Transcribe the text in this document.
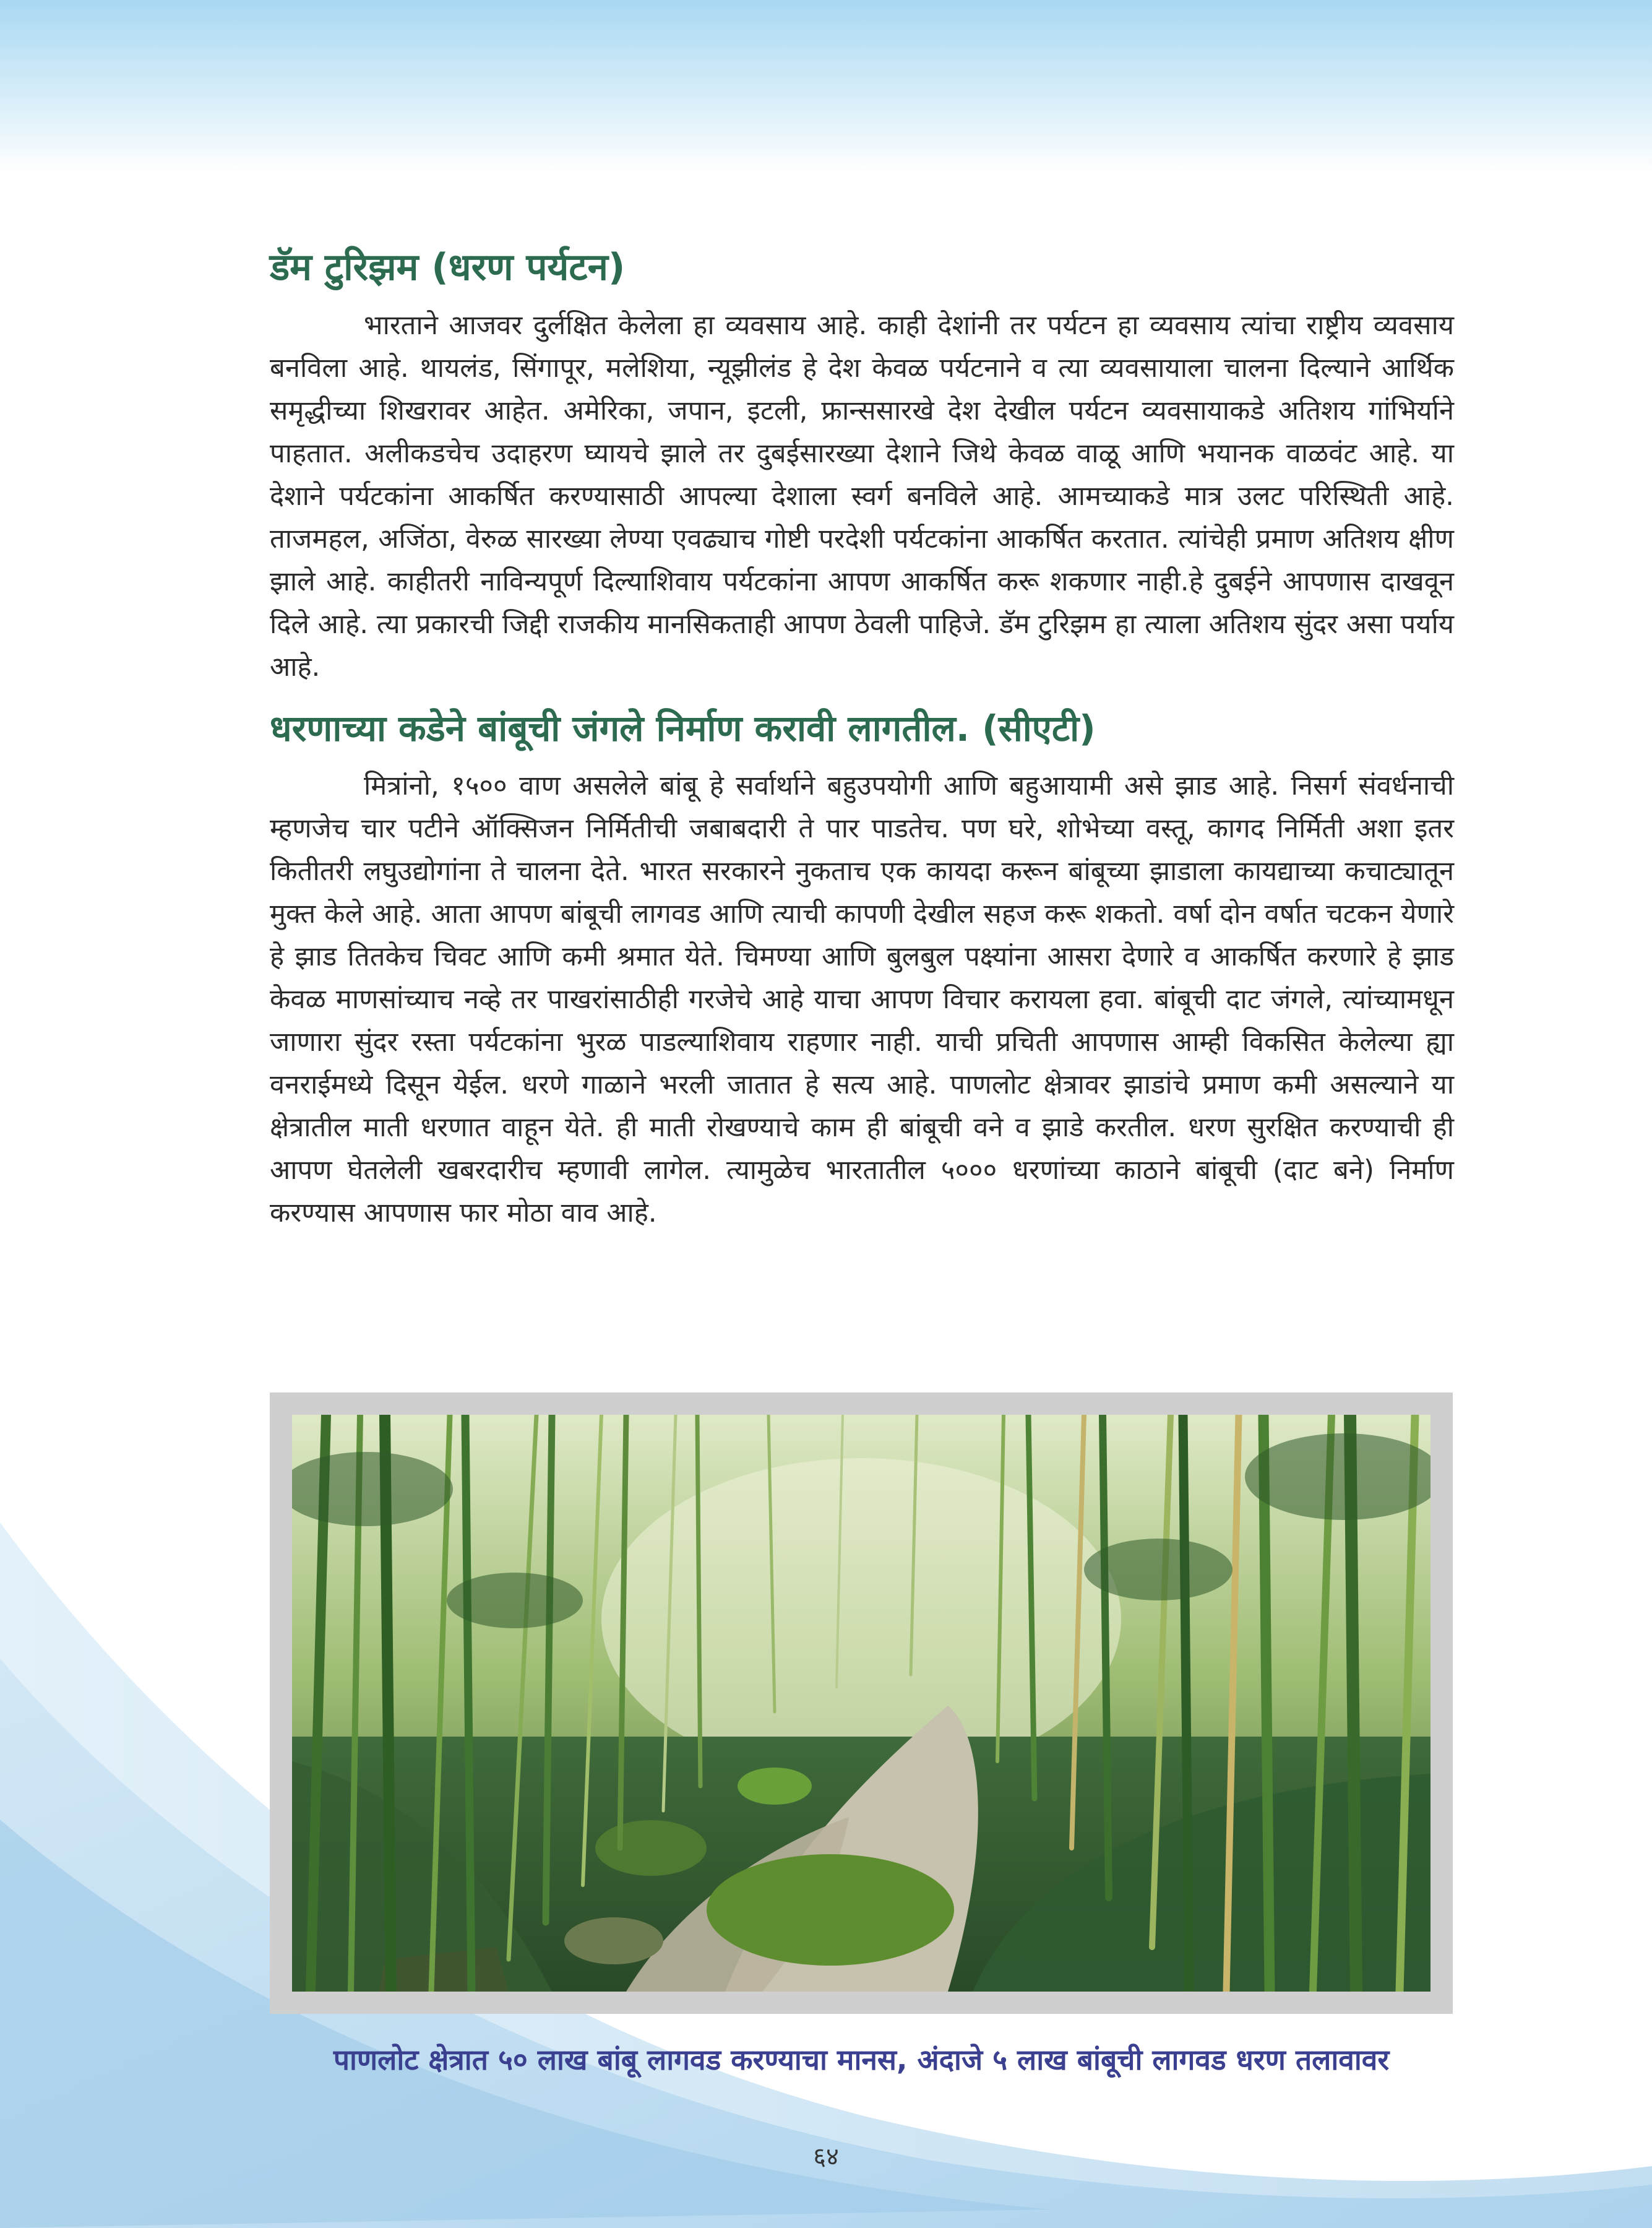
डॅम टुरिझम (धरण पर्यटन)

भारताने आजवर दुर्लक्षित केलेला हा व्यवसाय आहे. काही देशांनी तर पर्यटन हा व्यवसाय त्यांचा राष्ट्रीय व्यवसाय बनविला आहे. थायलंड, सिंगापूर, मलेशिया, न्यूझीलंड हे देश केवळ पर्यटनाने व त्या व्यवसायाला चालना दिल्याने आर्थिक समृद्धीच्या शिखरावर आहेत. अमेरिका, जपान, इटली, फ्रान्ससारखे देश देखील पर्यटन व्यवसायाकडे अतिशय गांभिर्याने पाहतात. अलीकडचेच उदाहरण घ्यायचे झाले तर दुबईसारख्या देशाने जिथे केवळ वाळू आणि भयानक वाळवंट आहे. या देशाने पर्यटकांना आकर्षित करण्यासाठी आपल्या देशाला स्वर्ग बनविले आहे. आमच्याकडे मात्र उलट परिस्थिती आहे. ताजमहल, अजिंठा, वेरुळ सारख्या लेण्या एवढ्याच गोष्टी परदेशी पर्यटकांना आकर्षित करतात. त्यांचेही प्रमाण अतिशय क्षीण झाले आहे. काहीतरी नाविन्यपूर्ण दिल्याशिवाय पर्यटकांना आपण आकर्षित करू शकणार नाही.हे दुबईने आपणास दाखवून दिले आहे. त्या प्रकारची जिद्दी राजकीय मानसिकताही आपण ठेवली पाहिजे. डॅम टुरिझम हा त्याला अतिशय सुंदर असा पर्याय आहे.

धरणाच्या कडेने बांबूची जंगले निर्माण करावी लागतील. (सीएटी)

मित्रांनो, १५०० वाण असलेले बांबू हे सर्वार्थाने बहुउपयोगी आणि बहुआयामी असे झाड आहे. निसर्ग संवर्धनाची म्हणजेच चार पटीने ऑक्सिजन निर्मितीची जबाबदारी ते पार पाडतेच. पण घरे, शोभेच्या वस्तू, कागद निर्मिती अशा इतर कितीतरी लघुउद्योगांना ते चालना देते. भारत सरकारने नुकताच एक कायदा करून बांबूच्या झाडाला कायद्याच्या कचाट्यातून मुक्त केले आहे. आता आपण बांबूची लागवड आणि त्याची कापणी देखील सहज करू शकतो. वर्षा दोन वर्षात चटकन येणारे हे झाड तितकेच चिवट आणि कमी श्रमात येते. चिमण्या आणि बुलबुल पक्ष्यांना आसरा देणारे व आकर्षित करणारे हे झाड केवळ माणसांच्याच नव्हे तर पाखरांसाठीही गरजेचे आहे याचा आपण विचार करायला हवा. बांबूची दाट जंगले, त्यांच्यामधून जाणारा सुंदर रस्ता पर्यटकांना भुरळ पाडल्याशिवाय राहणार नाही. याची प्रचिती आपणास आम्ही विकसित केलेल्या ह्या वनराईमध्ये दिसून येईल. धरणे गाळाने भरली जातात हे सत्य आहे. पाणलोट क्षेत्रावर झाडांचे प्रमाण कमी असल्याने या क्षेत्रातील माती धरणात वाहून येते. ही माती रोखण्याचे काम ही बांबूची वने व झाडे करतील. धरण सुरक्षित करण्याची ही आपण घेतलेली खबरदारीच म्हणावी लागेल. त्यामुळेच भारतातील ५००० धरणांच्या काठाने बांबूची (दाट बने) निर्माण करण्यास आपणास फार मोठा वाव आहे.

पाणलोट क्षेत्रात ५० लाख बांबू लागवड करण्याचा मानस, अंदाजे ५ लाख बांबूची लागवड धरण तलावावर
६४
